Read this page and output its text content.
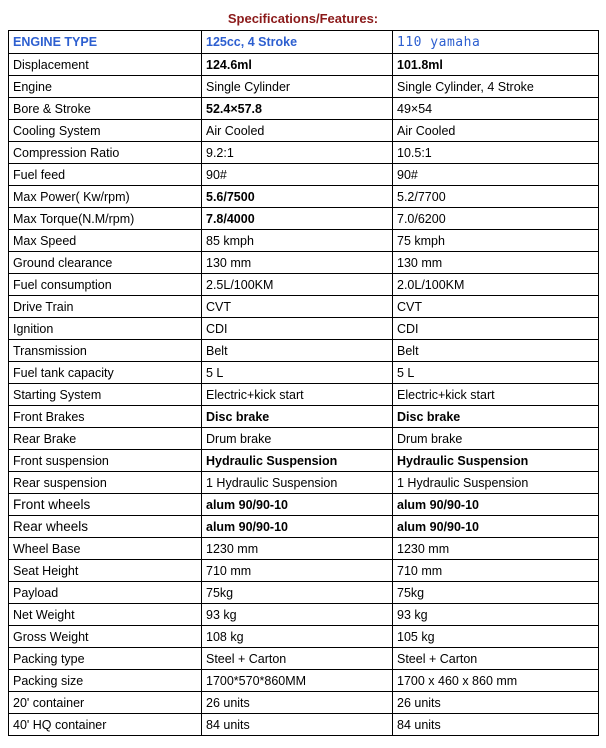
Specifications/Features:
ENGINE TYPE	125cc, 4 Stroke	110 yamaha
Displacement	124.6ml	101.8ml
Engine	Single Cylinder	Single Cylinder, 4 Stroke
Bore & Stroke	52.4×57.8	49×54
Cooling System	Air Cooled	Air Cooled
Compression Ratio	9.2:1	10.5:1
Fuel feed	90#	90#
Max Power( Kw/rpm)	5.6/7500	5.2/7700
Max Torque(N.M/rpm)	7.8/4000	7.0/6200
Max Speed	85 kmph	75 kmph
Ground clearance	130 mm	130 mm
Fuel consumption	2.5L/100KM	2.0L/100KM
Drive Train	CVT	CVT
Ignition	CDI	CDI
Transmission	Belt	Belt
Fuel tank capacity	5 L	5 L
Starting System	Electric+kick start	Electric+kick start
Front Brakes	Disc brake	Disc brake
Rear Brake	Drum brake	Drum brake
Front suspension	Hydraulic Suspension	Hydraulic Suspension
Rear suspension	1 Hydraulic Suspension	1 Hydraulic Suspension
Front wheels	alum 90/90-10	alum 90/90-10
Rear wheels	alum 90/90-10	alum 90/90-10
Wheel Base	1230 mm	1230 mm
Seat Height	710 mm	710 mm
Payload	75kg	75kg
Net Weight	93 kg	93 kg
Gross Weight	108 kg	105 kg
Packing type	Steel + Carton	Steel + Carton
Packing size	1700*570*860MM	1700 x 460 x 860 mm
20' container	26 units	26 units
40' HQ container	84 units	84 units
